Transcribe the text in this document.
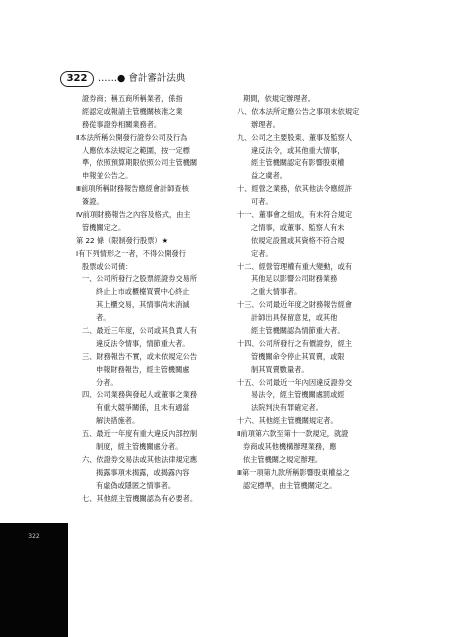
322	……● 會計審計法典
證券商；稱五商所稱業者，係指
經認定或報請主管機關核准之業
務從事證券相關業務者。
Ⅱ本法所稱公開發行證券公司及行為
人應依本法規定之範圍，按一定標
準，依照預算期限依照公司主管機關
申報並公告之。
Ⅲ前項所稱財務報告應經會計師查核
簽證。
Ⅳ前項財務報告之內容及格式，由主
管機關定之。
第 22 條（限制發行股票）★
Ⅰ有下列情形之一者，不得公開發行
股票或公司債：
一、公司所發行之股票經證券交易所
終止上市或櫃檯買賣中心終止
其上櫃交易，其情事尚未消滅
者。
二、最近三年度，公司或其負責人有
違反法令情事，情節重大者。
三、財務報告不實，或未依規定公告
申報財務報告，經主管機關處
分者。
四、公司業務與發起人或董事之業務
有重大競爭關係，且未有適當
解決措施者。
五、最近一年度有重大違反內部控制
制度，經主管機關處分者。
六、依證券交易法或其他法律規定應
揭露事項未揭露，或揭露內容
有虛偽或隱匿之情事者。
七、其他經主管機關認為有必要者。
期間，依規定辦理者。
八、依本法所定應公告之事項未依規定
辦理者。
九、公司之主要股東、董事及監察人
違反法令，或其他重大情事，
經主管機關認定有影響股東權
益之虞者。
十、經營之業務，依其他法令應經許
可者。
十一、董事會之組成，有未符合規定
之情事，或董事、監察人有未
依規定設置或其資格不符合規
定者。
十二、經營管理權有重大變動，或有
其他足以影響公司財務業務
之重大情事者。
十三、公司最近年度之財務報告經會
計師出具保留意見，或其他
經主管機關認為情節重大者。
十四、公司所發行之有價證券，經主
管機關命令停止其買賣，或限
制其買賣數量者。
十五、公司最近一年內因違反證券交
易法令，經主管機關處罰或經
法院判決有罪確定者。
十六、其他經主管機關規定者。
Ⅱ前項第六款至第十一款規定，就證
券商或其他機構辦理業務，應
依主管機關之規定辦理。
Ⅲ第一項第九款所稱影響股東權益之
認定標準，由主管機關定之。
322
